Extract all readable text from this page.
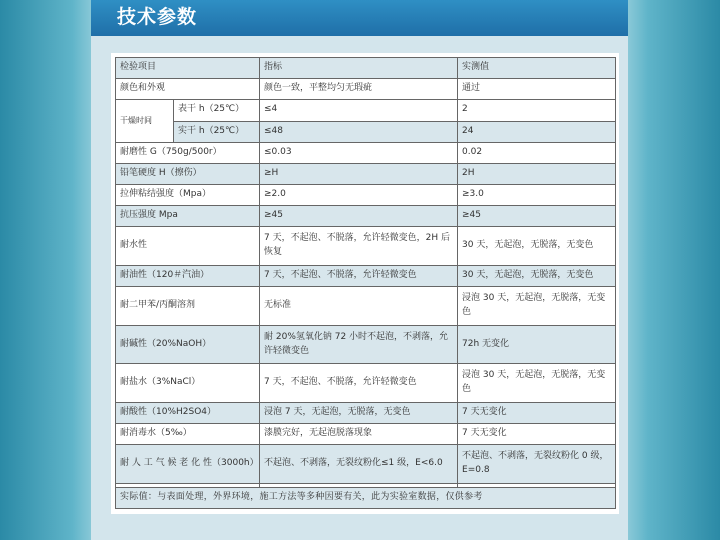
技术参数
检验项目		指标	实测值
颜色和外观		颜色一致，平整均匀无瑕疵	通过
干燥时间	表干 h（25℃）	≤4	2
	实干 h（25℃）	≤48	24
耐磨性 G（750g/500r）		≤0.03	0.02
铅笔硬度 H（擦伤）		≥H	2H
拉伸粘结强度（Mpa）		≥2.0	≥3.0
抗压强度 Mpa		≥45	≥45
耐水性		7 天，不起泡、不脱落，允许轻微变色，2H 后恢复	30 天，无起泡，无脱落，无变色
耐油性（120＃汽油）		7 天，不起泡、不脱落，允许轻微变色	30 天，无起泡，无脱落，无变色
耐二甲苯/丙酮溶剂		无标准	浸泡 30 天，无起泡，无脱落，无变色
耐碱性（20%NaOH）		耐 20%氢氧化钠 72 小时不起泡，不剥落，允许轻微变色	72h 无变化
耐盐水（3%NaCl）		7 天，不起泡、不脱落，允许轻微变色	浸泡 30 天，无起泡，无脱落，无变色
耐酸性（10%H2SO4）		浸泡 7 天，无起泡，无脱落，无变色	7 天无变化
耐消毒水（5‰）		漆膜完好，无起泡脱落现象	7 天无变化
耐 人 工 气 候 老 化 性（3000h）		不起泡、不剥落，无裂纹粉化≤1 级，E<6.0	不起泡、不剥落，无裂纹粉化 0 级，E=0.8

实际值：与表面处理，外界环境，施工方法等多种因要有关，此为实验室数据，仅供参考			
